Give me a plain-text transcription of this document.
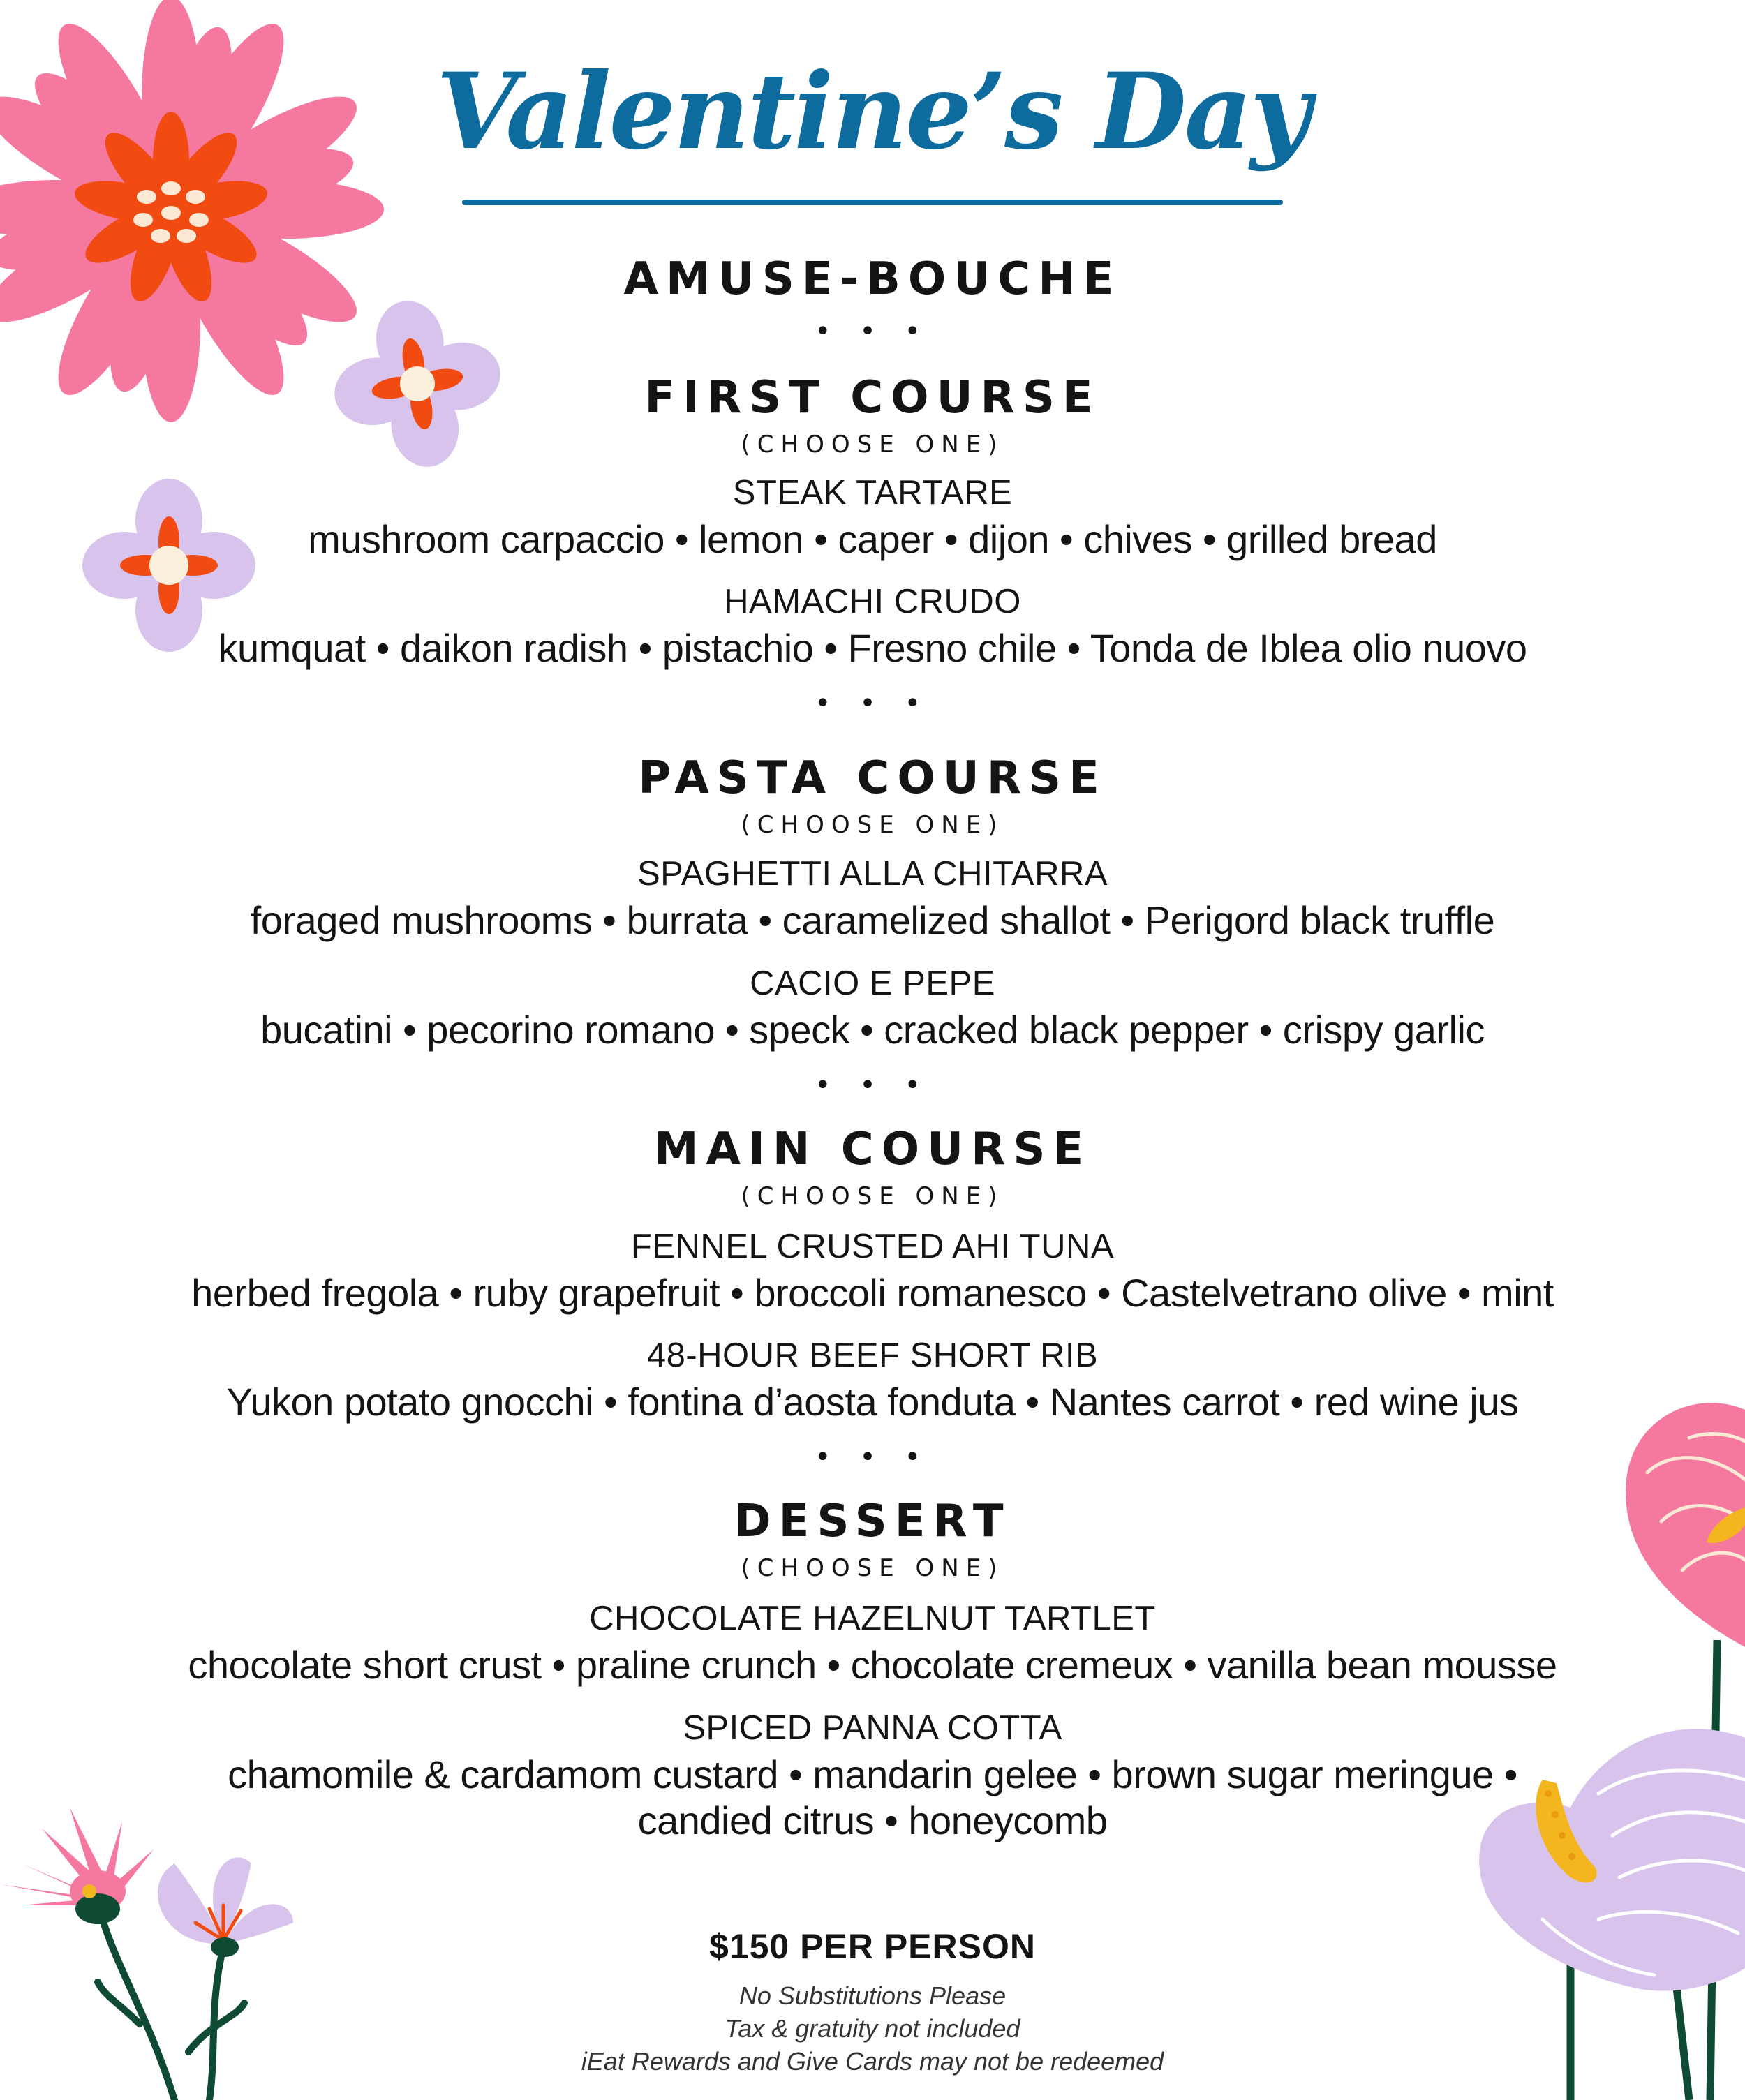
Valentine’s Day
AMUSE-BOUCHE
• • •
FIRST COURSE
(CHOOSE ONE)
STEAK TARTARE
mushroom carpaccio • lemon • caper • dijon • chives • grilled bread
HAMACHI CRUDO
kumquat • daikon radish • pistachio • Fresno chile • Tonda de Iblea olio nuovo
• • •
PASTA COURSE
(CHOOSE ONE)
SPAGHETTI ALLA CHITARRA
foraged mushrooms • burrata • caramelized shallot • Perigord black truffle
CACIO E PEPE
bucatini • pecorino romano • speck • cracked black pepper • crispy garlic
• • •
MAIN COURSE
(CHOOSE ONE)
FENNEL CRUSTED AHI TUNA
herbed fregola • ruby grapefruit • broccoli romanesco • Castelvetrano olive • mint
48-HOUR BEEF SHORT RIB
Yukon potato gnocchi • fontina d’aosta fonduta • Nantes carrot • red wine jus
• • •
DESSERT
(CHOOSE ONE)
CHOCOLATE HAZELNUT TARTLET
chocolate short crust • praline crunch • chocolate cremeux • vanilla bean mousse
SPICED PANNA COTTA
chamomile & cardamom custard • mandarin gelee • brown sugar meringue •
candied citrus • honeycomb
$150 PER PERSON
No Substitutions Please
Tax & gratuity not included
iEat Rewards and Give Cards may not be redeemed
